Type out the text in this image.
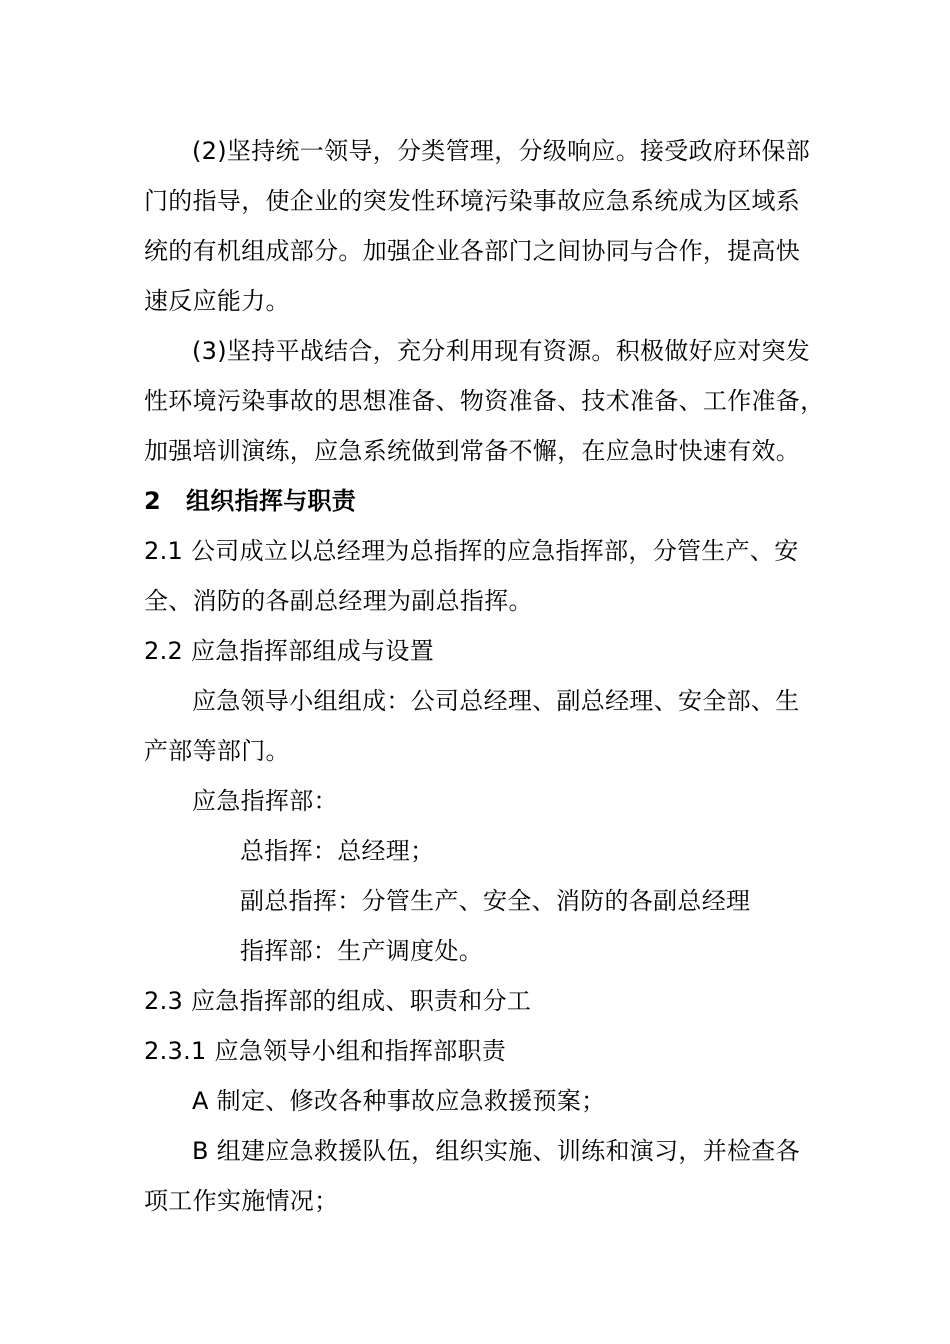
(2)坚持统一领导，分类管理，分级响应。接受政府环保部
门的指导，使企业的突发性环境污染事故应急系统成为区域系
统的有机组成部分。加强企业各部门之间协同与合作，提高快
速反应能力。
(3)坚持平战结合，充分利用现有资源。积极做好应对突发
性环境污染事故的思想准备、物资准备、技术准备、工作准备，
加强培训演练，应急系统做到常备不懈，在应急时快速有效。
2 组织指挥与职责
2.1 公司成立以总经理为总指挥的应急指挥部，分管生产、安
全、消防的各副总经理为副总指挥。
2.2 应急指挥部组成与设置
应急领导小组组成：公司总经理、副总经理、安全部、生
产部等部门。
应急指挥部：
总指挥：总经理；
副总指挥：分管生产、安全、消防的各副总经理
指挥部：生产调度处。
2.3 应急指挥部的组成、职责和分工
2.3.1 应急领导小组和指挥部职责
A 制定、修改各种事故应急救援预案；
B 组建应急救援队伍，组织实施、训练和演习，并检查各
项工作实施情况；
